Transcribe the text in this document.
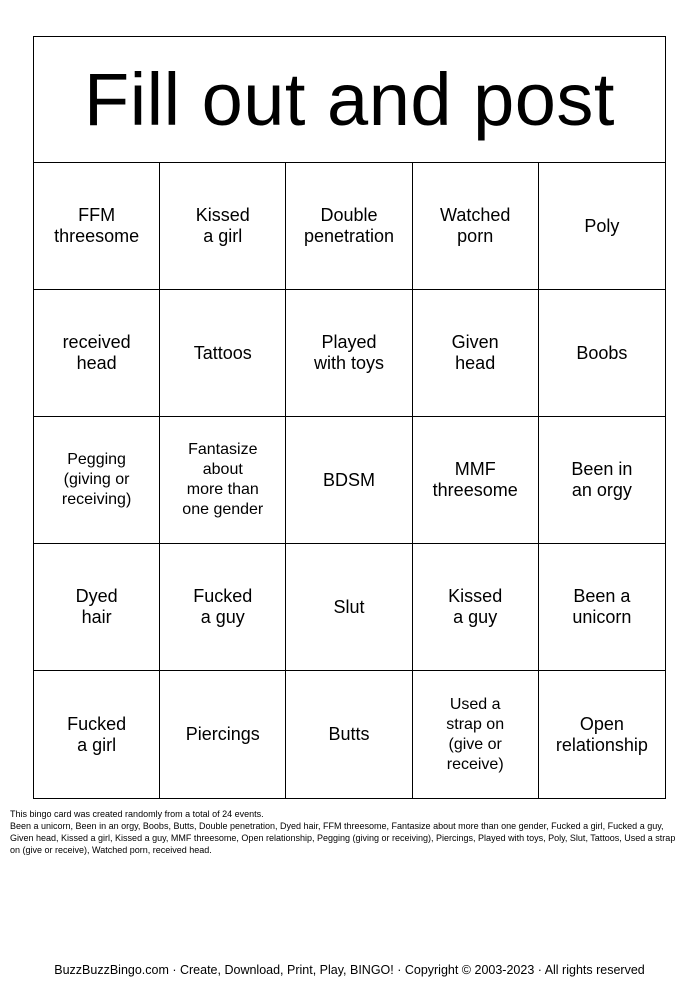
Fill out and post
FFM
threesome
Kissed
a girl
Double
penetration
Watched
porn
Poly
received
head
Tattoos
Played
with toys
Given
head
Boobs
Pegging
(giving or
receiving)
Fantasize
about
more than
one gender
BDSM
MMF
threesome
Been in
an orgy
Dyed
hair
Fucked
a guy
Slut
Kissed
a guy
Been a
unicorn
Fucked
a girl
Piercings	Butts
Used a
strap on
(give or
receive)
Open
relationship
This bingo card was created randomly from a total of 24 events.
Been a unicorn, Been in an orgy, Boobs, Butts, Double penetration, Dyed hair, FFM threesome, Fantasize about more than one gender, Fucked a girl, Fucked a guy, Given head, Kissed a girl, Kissed a guy, MMF threesome, Open relationship, Pegging (giving or receiving), Piercings, Played with toys, Poly, Slut, Tattoos, Used a strap on (give or receive), Watched porn, received head.
BuzzBuzzBingo.com · Create, Download, Print, Play, BINGO! · Copyright © 2003-2023 · All rights reserved
